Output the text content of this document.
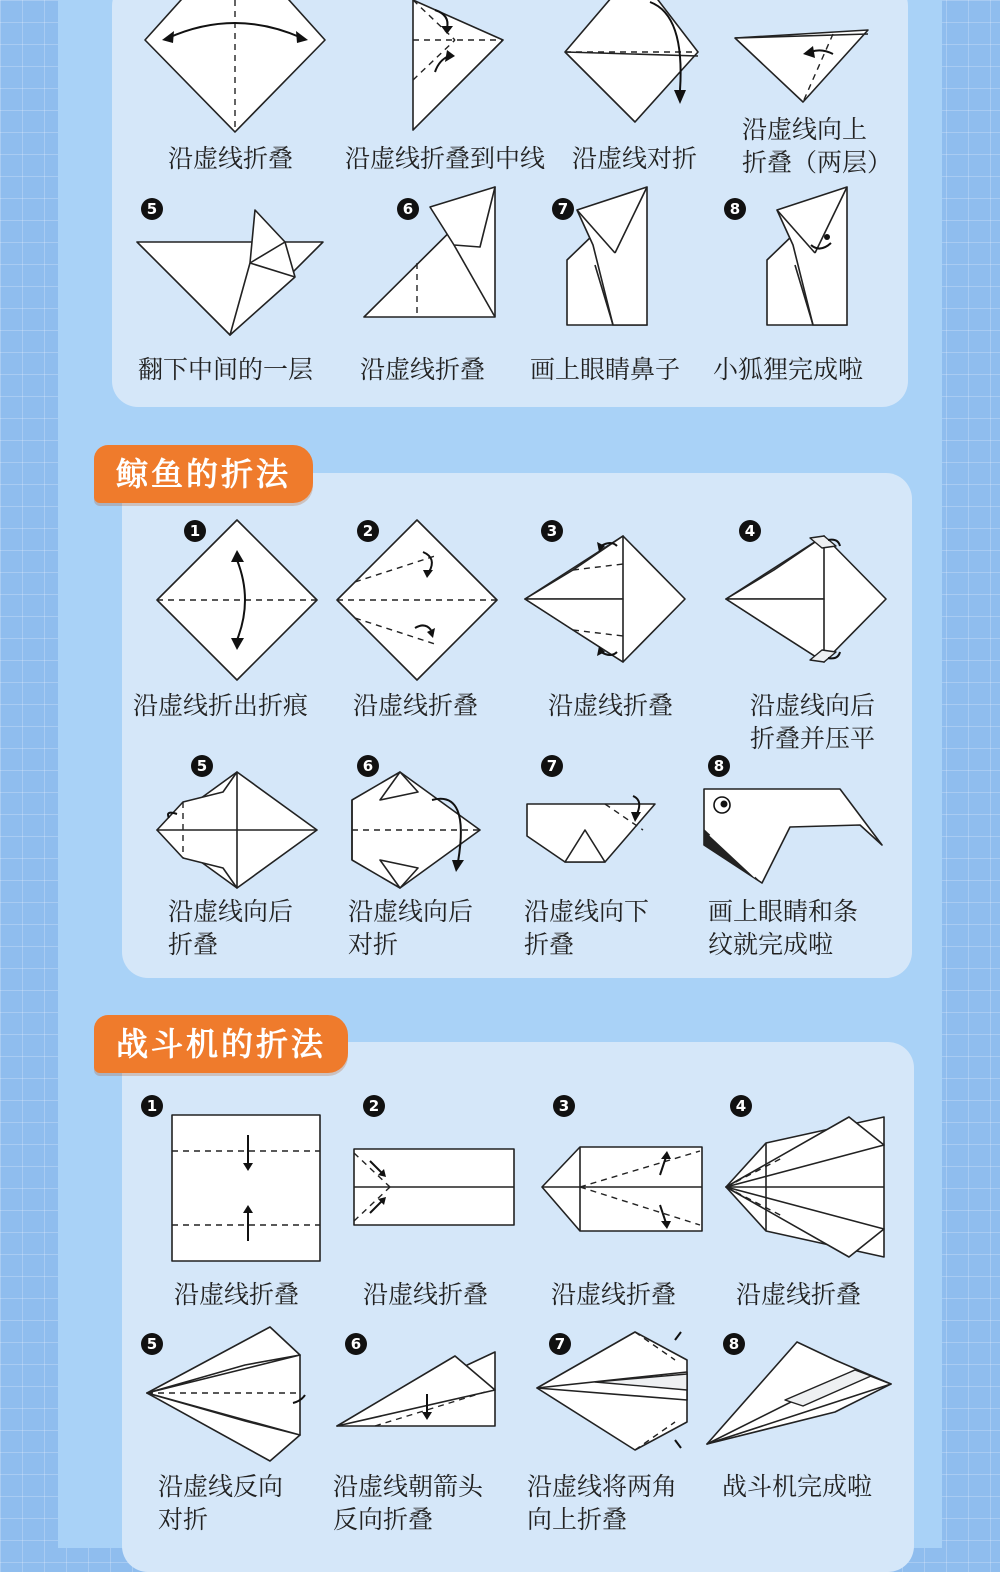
沿虚线折叠 沿虚线折叠到中线 沿虚线对折
沿虚线向上
折叠（两层）
5	6	7	8
翻下中间的一层 沿虚线折叠 画上眼睛鼻子 小狐狸完成啦
鲸鱼的折法
1	2	3	4
沿虚线折出折痕 沿虚线折叠	沿虚线折叠	沿虚线向后
折叠并压平
5	6	7	8
沿虚线向后
折叠
沿虚线向后
对折
沿虚线向下
折叠
画上眼睛和条
纹就完成啦
战斗机的折法
1	2	3	4
沿虚线折叠	沿虚线折叠	沿虚线折叠 沿虚线折叠
5	6	7	8
沿虚线反向
对折
沿虚线朝箭头
反向折叠
沿虚线将两角
向上折叠
战斗机完成啦
